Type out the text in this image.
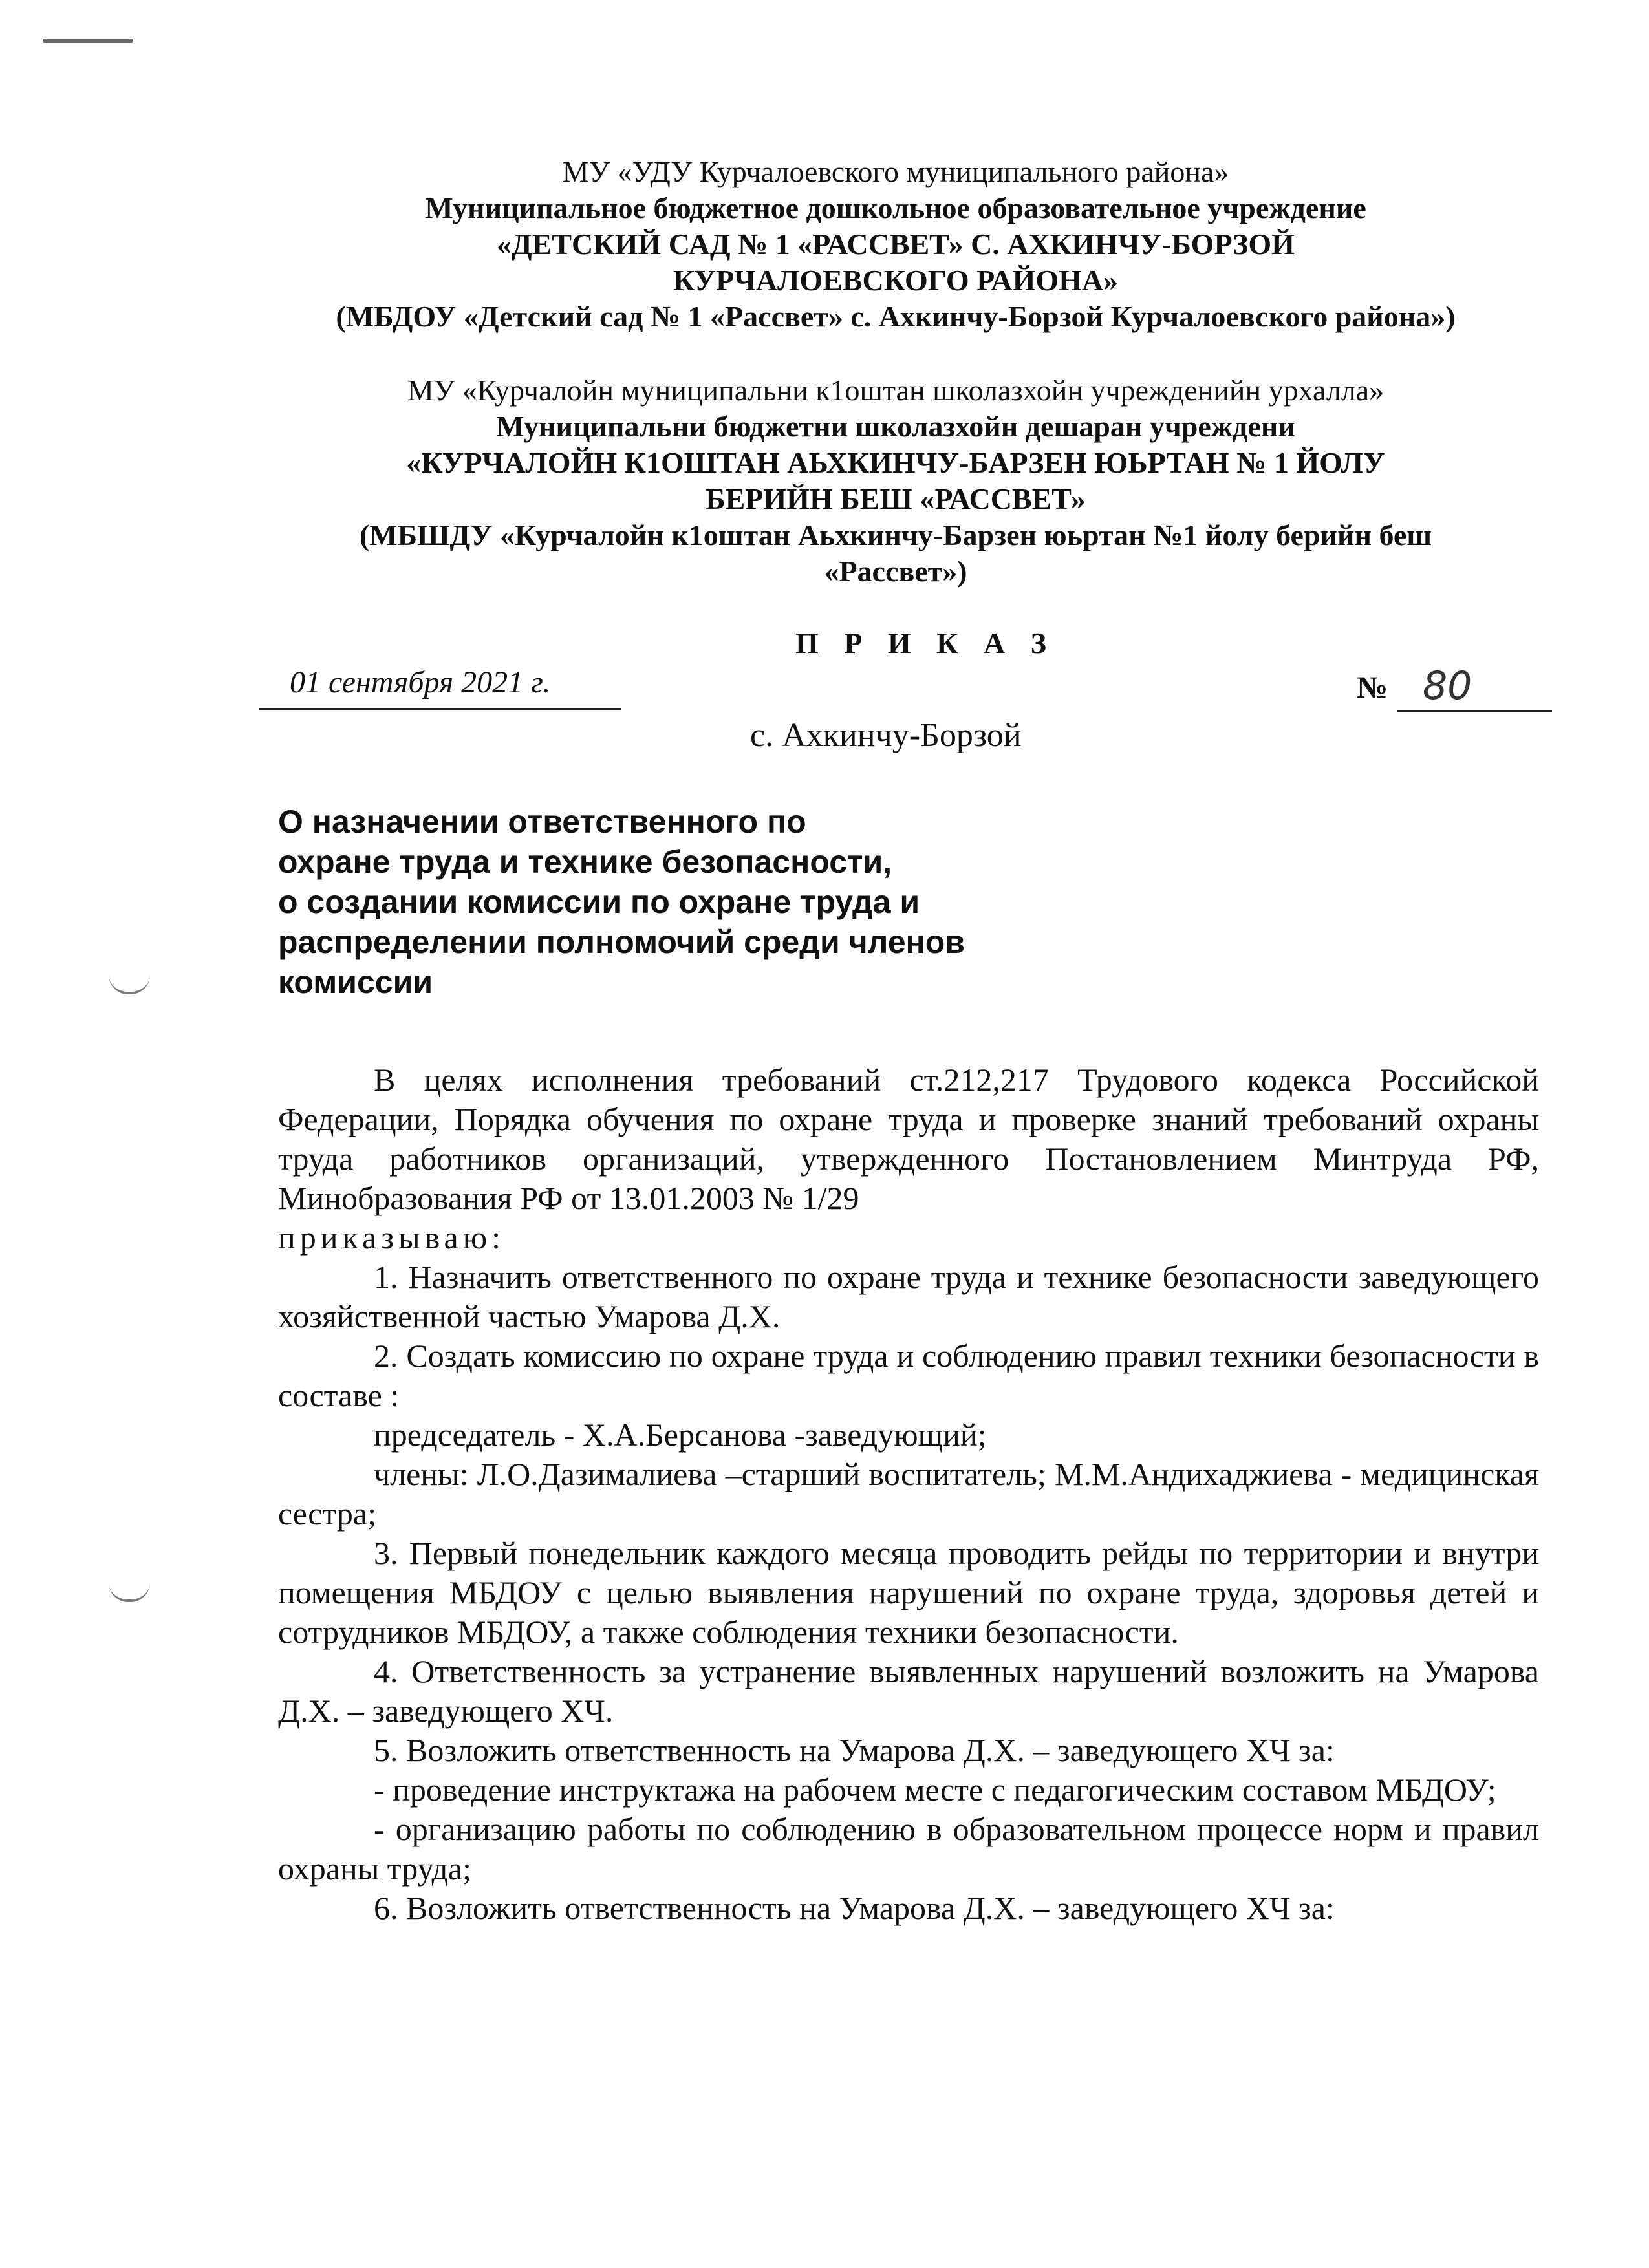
МУ «УДУ Курчалоевского муниципального района»
Муниципальное бюджетное дошкольное образовательное учреждение
«ДЕТСКИЙ САД № 1 «РАССВЕТ» С. АХКИНЧУ-БОРЗОЙ
КУРЧАЛОЕВСКОГО РАЙОНА»
(МБДОУ «Детский сад № 1 «Рассвет» с. Ахкинчу-Борзой Курчалоевского района»)
МУ «Курчалойн муниципальни к1оштан школазхойн учрежденийн урхалла»
Муниципальни бюджетни школазхойн дешаран учреждени
«КУРЧАЛОЙН К1ОШТАН АЬХКИНЧУ-БАРЗЕН ЮЬРТАН № 1 ЙОЛУ
БЕРИЙН БЕШ «РАССВЕТ»
(МБШДУ «Курчалойн к1оштан Аьхкинчу-Барзен юьртан №1 йолу берийн беш
«Рассвет»)
П Р И К А З
01 сентября 2021 г.	№ 80
с. Ахкинчу-Борзой
О назначении ответственного по
охране труда и технике безопасности,
о создании комиссии по охране труда и
распределении полномочий среди членов
комиссии

В целях исполнения требований ст.212,217 Трудового кодекса Российской Федерации, Порядка обучения по охране труда и проверке знаний требований охраны труда работников организаций, утвержденного Постановлением Минтруда РФ, Минобразования РФ от 13.01.2003 № 1/29

приказываю:

1. Назначить ответственного по охране труда и технике безопасности заведующего хозяйственной частью Умарова Д.Х.

2. Создать комиссию по охране труда и соблюдению правил техники безопасности в составе :

председатель - Х.А.Берсанова -заведующий;

члены: Л.О.Дазималиева –старший воспитатель; М.М.Андихаджиева - медицинская сестра;

3. Первый понедельник каждого месяца проводить рейды по территории и внутри помещения МБДОУ с целью выявления нарушений по охране труда, здоровья детей и сотрудников МБДОУ, а также соблюдения техники безопасности.

4. Ответственность за устранение выявленных нарушений возложить на Умарова Д.Х. – заведующего ХЧ.

5. Возложить ответственность на Умарова Д.Х. – заведующего ХЧ за:

- проведение инструктажа на рабочем месте с педагогическим составом МБДОУ;

- организацию работы по соблюдению в образовательном процессе норм и правил охраны труда;

6. Возложить ответственность на Умарова Д.Х. – заведующего ХЧ за:
